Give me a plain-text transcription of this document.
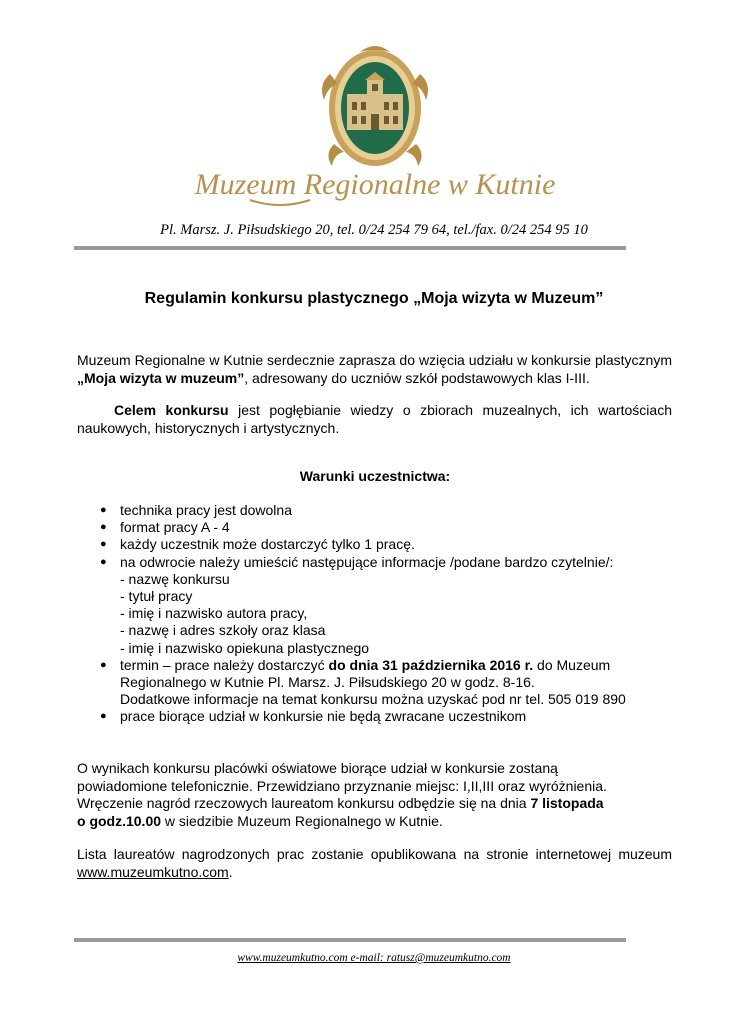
Muzeum Regionalne w Kutnie
Pl. Marsz. J. Piłsudskiego 20, tel. 0/24 254 79 64, tel./fax. 0/24 254 95 10
Regulamin konkursu plastycznego „Moja wizyta w Muzeum”
Muzeum Regionalne w Kutnie serdecznie zaprasza do wzięcia udziału w konkursie plastycznym „Moja wizyta w muzeum”, adresowany do uczniów szkół podstawowych klas I-III.
Celem konkursu jest pogłębianie wiedzy o zbiorach muzealnych, ich wartościach naukowych, historycznych i artystycznych.
Warunki uczestnictwa:
● technika pracy jest dowolna
● format pracy A - 4
● każdy uczestnik może dostarczyć tylko 1 pracę.
● na odwrocie należy umieścić następujące informacje /podane bardzo czytelnie/:
- nazwę konkursu
- tytuł pracy
- imię i nazwisko autora pracy,
- nazwę i adres szkoły oraz klasa
- imię i nazwisko opiekuna plastycznego
● termin – prace należy dostarczyć do dnia 31 października 2016 r. do Muzeum Regionalnego w Kutnie Pl. Marsz. J. Piłsudskiego 20 w godz. 8-16.
Dodatkowe informacje na temat konkursu można uzyskać pod nr tel. 505 019 890
● prace biorące udział w konkursie nie będą zwracane uczestnikom
O wynikach konkursu placówki oświatowe biorące udział w konkursie zostaną
powiadomione telefonicznie. Przewidziano przyznanie miejsc: I,II,III oraz wyróżnienia.
Wręczenie nagród rzeczowych laureatom konkursu odbędzie się na dnia 7 listopada
o godz.10.00 w siedzibie Muzeum Regionalnego w Kutnie.
Lista laureatów nagrodzonych prac zostanie opublikowana na stronie internetowej muzeum www.muzeumkutno.com.
www.muzeumkutno.com e-mail: ratusz@muzeumkutno.com
